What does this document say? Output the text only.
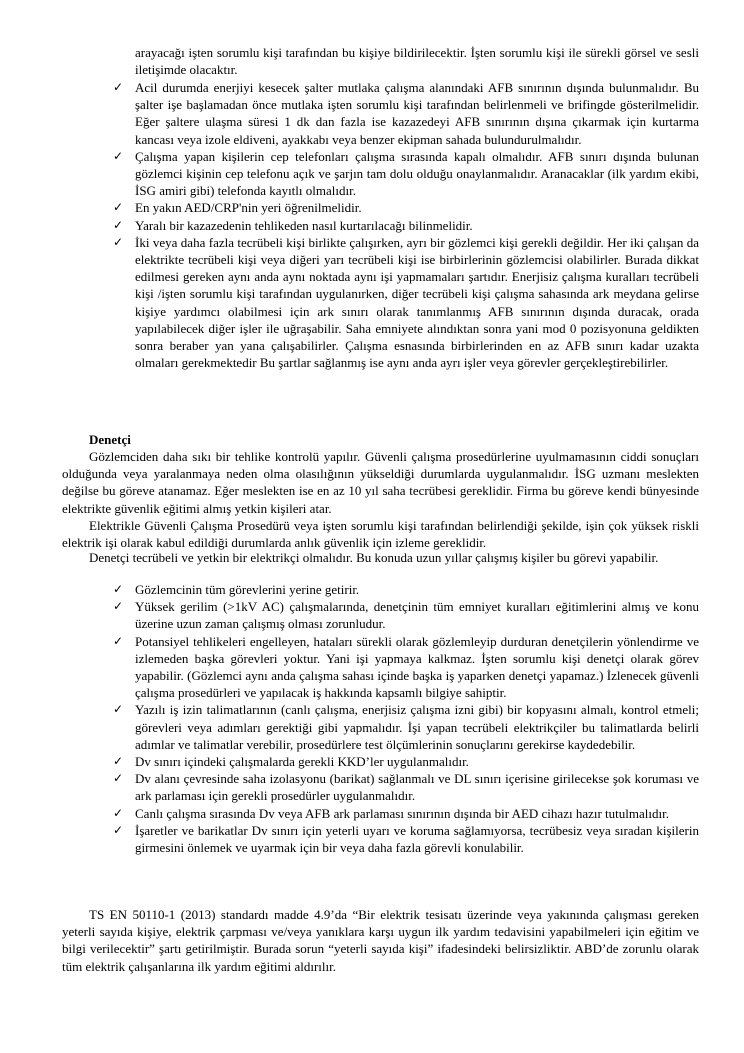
arayacağı işten sorumlu kişi tarafından bu kişiye bildirilecektir. İşten sorumlu kişi ile sürekli görsel ve sesli iletişimde olacaktır.
✓ Acil durumda enerjiyi kesecek şalter mutlaka çalışma alanındaki AFB sınırının dışında bulunmalıdır. Bu şalter işe başlamadan önce mutlaka işten sorumlu kişi tarafından belirlenmeli ve brifingde gösterilmelidir. Eğer şaltere ulaşma süresi 1 dk dan fazla ise kazazedeyi AFB sınırının dışına çıkarmak için kurtarma kancası veya izole eldiveni, ayakkabı veya benzer ekipman sahada bulundurulmalıdır.
✓ Çalışma yapan kişilerin cep telefonları çalışma sırasında kapalı olmalıdır. AFB sınırı dışında bulunan gözlemci kişinin cep telefonu açık ve şarjın tam dolu olduğu onaylanmalıdır. Aranacaklar (ilk yardım ekibi, İSG amiri gibi) telefonda kayıtlı olmalıdır.
✓ En yakın AED/CRP'nin yeri öğrenilmelidir.
✓ Yaralı bir kazazedenin tehlikeden nasıl kurtarılacağı bilinmelidir.
✓ İki veya daha fazla tecrübeli kişi birlikte çalışırken, ayrı bir gözlemci kişi gerekli değildir. Her iki çalışan da elektrikte tecrübeli kişi veya diğeri yarı tecrübeli kişi ise birbirlerinin gözlemcisi olabilirler. Burada dikkat edilmesi gereken aynı anda aynı noktada aynı işi yapmamaları şartıdır. Enerjisiz çalışma kuralları tecrübeli kişi /işten sorumlu kişi tarafından uygulanırken, diğer tecrübeli kişi çalışma sahasında ark meydana gelirse kişiye yardımcı olabilmesi için ark sınırı olarak tanımlanmış AFB sınırının dışında duracak, orada yapılabilecek diğer işler ile uğraşabilir. Saha emniyete alındıktan sonra yani mod 0 pozisyonuna geldikten sonra beraber yan yana çalışabilirler. Çalışma esnasında birbirlerinden en az AFB sınırı kadar uzakta olmaları gerekmektedir Bu şartlar sağlanmış ise aynı anda ayrı işler veya görevler gerçekleştirebilirler.
Denetçi

Gözlemciden daha sıkı bir tehlike kontrolü yapılır. Güvenli çalışma prosedürlerine uyulmamasının ciddi sonuçları olduğunda veya yaralanmaya neden olma olasılığının yükseldiği durumlarda uygulanmalıdır. İSG uzmanı meslekten değilse bu göreve atanamaz. Eğer meslekten ise en az 10 yıl saha tecrübesi gereklidir. Firma bu göreve kendi bünyesinde elektrikte güvenlik eğitimi almış yetkin kişileri atar.

Elektrikle Güvenli Çalışma Prosedürü veya işten sorumlu kişi tarafından belirlendiği şekilde, işin çok yüksek riskli elektrik işi olarak kabul edildiği durumlarda anlık güvenlik için izleme gereklidir.

Denetçi tecrübeli ve yetkin bir elektrikçi olmalıdır. Bu konuda uzun yıllar çalışmış kişiler bu görevi yapabilir.

✓ Gözlemcinin tüm görevlerini yerine getirir.
✓ Yüksek gerilim (>1kV AC) çalışmalarında, denetçinin tüm emniyet kuralları eğitimlerini almış ve konu üzerine uzun zaman çalışmış olması zorunludur.
✓ Potansiyel tehlikeleri engelleyen, hataları sürekli olarak gözlemleyip durduran denetçilerin yönlendirme ve izlemeden başka görevleri yoktur. Yani işi yapmaya kalkmaz. İşten sorumlu kişi denetçi olarak görev yapabilir. (Gözlemci aynı anda çalışma sahası içinde başka iş yaparken denetçi yapamaz.) İzlenecek güvenli çalışma prosedürleri ve yapılacak iş hakkında kapsamlı bilgiye sahiptir.
✓ Yazılı iş izin talimatlarının (canlı çalışma, enerjisiz çalışma izni gibi) bir kopyasını almalı, kontrol etmeli; görevleri veya adımları gerektiği gibi yapmalıdır. İşi yapan tecrübeli elektrikçiler bu talimatlarda belirli adımlar ve talimatlar verebilir, prosedürlere test ölçümlerinin sonuçlarını gerekirse kaydedebilir.
✓ Dv sınırı içindeki çalışmalarda gerekli KKD’ler uygulanmalıdır.
✓ Dv alanı çevresinde saha izolasyonu (barikat) sağlanmalı ve DL sınırı içerisine girilecekse şok koruması ve ark parlaması için gerekli prosedürler uygulanmalıdır.
✓ Canlı çalışma sırasında Dv veya AFB ark parlaması sınırının dışında bir AED cihazı hazır tutulmalıdır.
✓ İşaretler ve barikatlar Dv sınırı için yeterli uyarı ve koruma sağlamıyorsa, tecrübesiz veya sıradan kişilerin girmesini önlemek ve uyarmak için bir veya daha fazla görevli konulabilir.

TS EN 50110-1 (2013) standardı madde 4.9’da “Bir elektrik tesisatı üzerinde veya yakınında çalışması gereken yeterli sayıda kişiye, elektrik çarpması ve/veya yanıklara karşı uygun ilk yardım tedavisini yapabilmeleri için eğitim ve bilgi verilecektir” şartı getirilmiştir. Burada sorun “yeterli sayıda kişi” ifadesindeki belirsizliktir. ABD’de zorunlu olarak tüm elektrik çalışanlarına ilk yardım eğitimi aldırılır.
